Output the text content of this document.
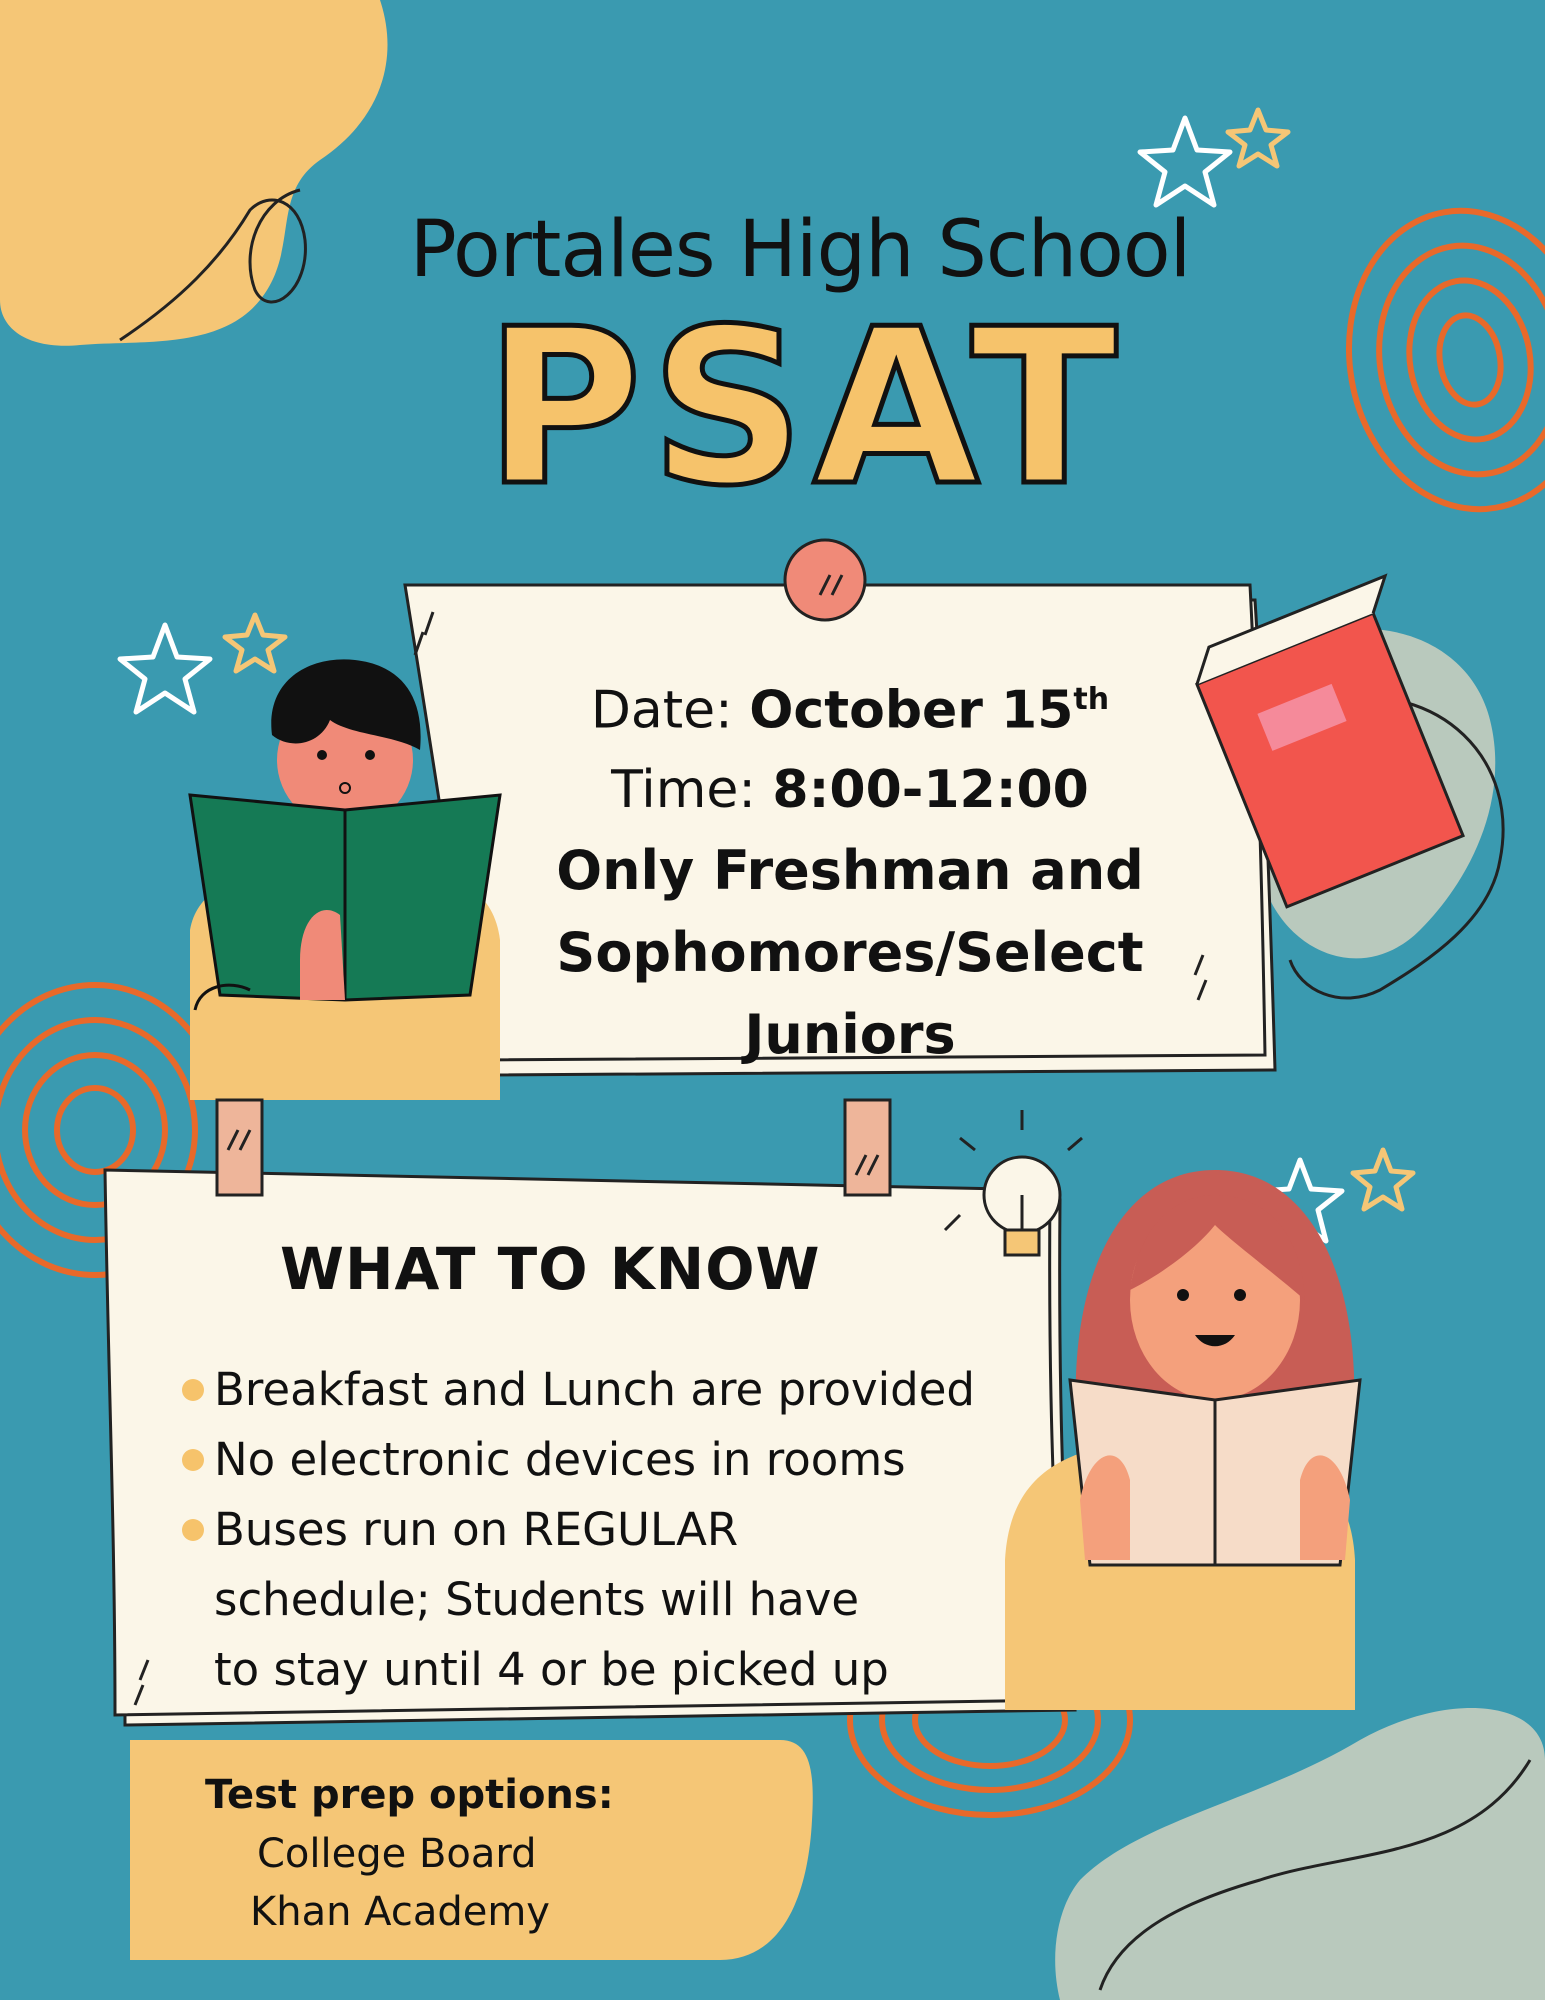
Portales High School
PSAT
Date: October 15th
Time: 8:00-12:00
Only Freshman and
Sophomores/Select
Juniors
WHAT TO KNOW
Breakfast and Lunch are provided
No electronic devices in rooms
Buses run on REGULAR
schedule; Students will have
to stay until 4 or be picked up
Test prep options:
College Board
Khan Academy
